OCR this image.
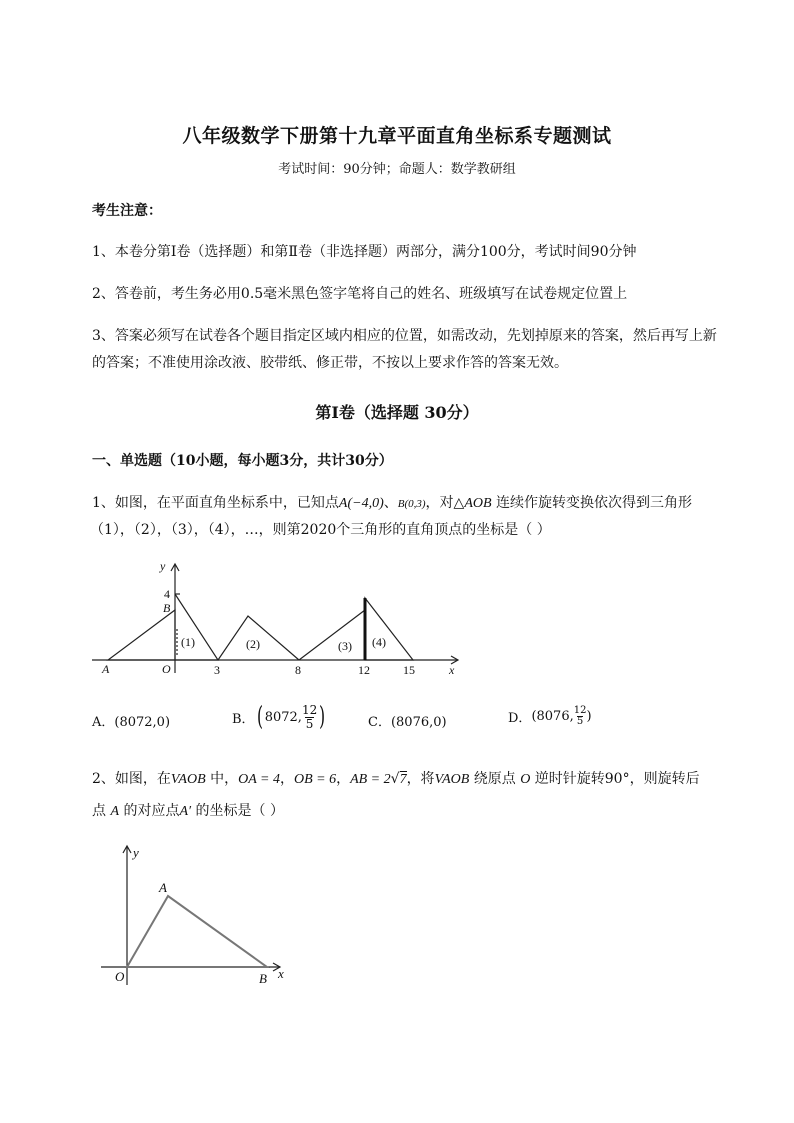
八年级数学下册第十九章平面直角坐标系专题测试
考试时间：90分钟；命题人：数学教研组
考生注意：
1、本卷分第I卷（选择题）和第Ⅱ卷（非选择题）两部分，满分100分，考试时间90分钟
2、答卷前，考生务必用0.5毫米黑色签字笔将自己的姓名、班级填写在试卷规定位置上
3、答案必须写在试卷各个题目指定区域内相应的位置，如需改动，先划掉原来的答案，然后再写上新
的答案；不准使用涂改液、胶带纸、修正带，不按以上要求作答的答案无效。
第I卷（选择题 30分）
一、单选题（10小题，每小题3分，共计30分）
1、如图，在平面直角坐标系中，已知点A(−4,0)、B(0,3)，对△AOB 连续作旋转变换依次得到三角形
（1），（2），（3），（4），…，则第2020个三角形的直角顶点的坐标是（ ）
y
4
B
A	O	3	8	12	15	x
(1)	(2)	(3) (4)
A．(8072,0)	B． ( 8072, 12
5 )	C．(8076,0)	D． (8076, 12
5 )
2、如图，在VAOB 中，OA = 4，OB = 6，AB = 2√7，将VAOB 绕原点 O 逆时针旋转90°，则旋转后
点 A 的对应点A′ 的坐标是（ ）
y
A
O	B x
